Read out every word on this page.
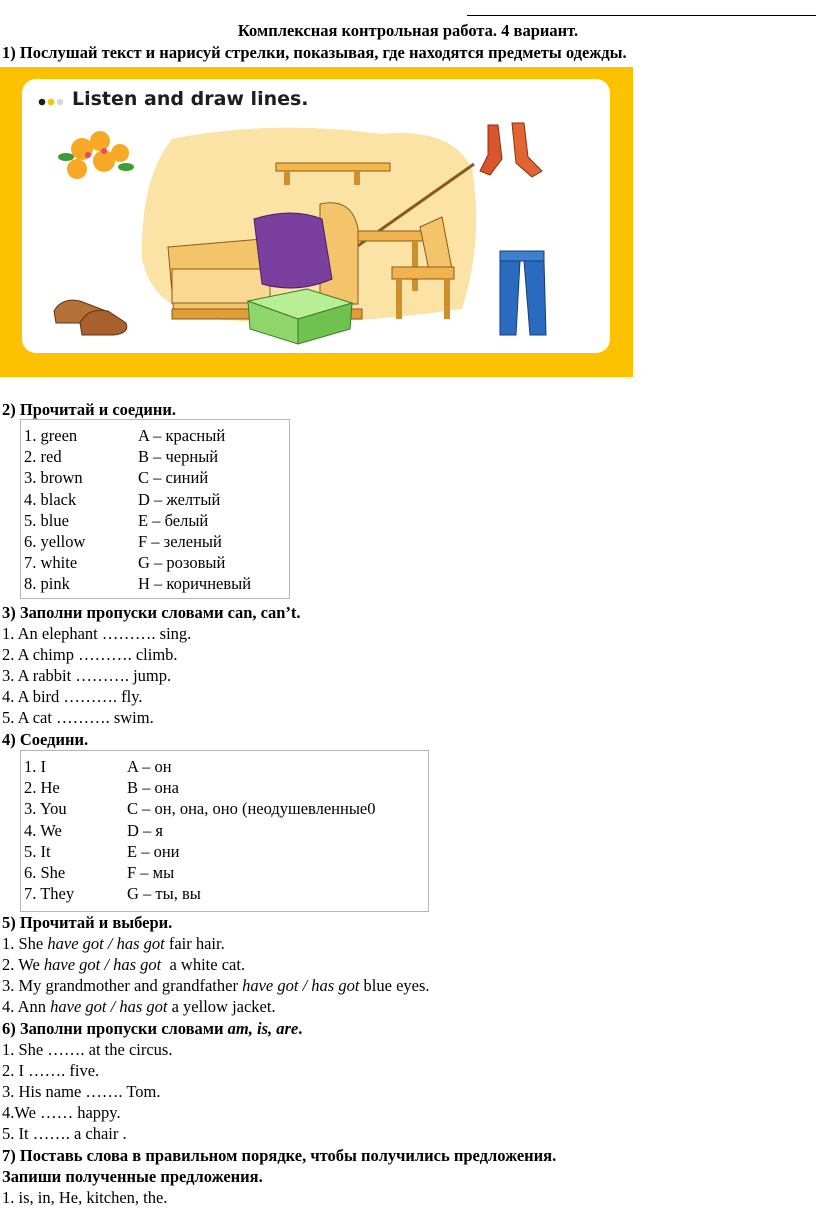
Комплексная контрольная работа. 4 вариант.
1) Послушай текст и нарисуй стрелки, показывая, где находятся предметы одежды.
Listen and draw lines.
2) Прочитай и соедини.
1. green	A – красный
2. red	B – черный
3. brown	C – синий
4. black	D – желтый
5. blue	E – белый
6. yellow	F – зеленый
7. white	G – розовый
8. pink	H – коричневый
3) Заполни пропуски словами can, can’t.
1. An elephant ………. sing.
2. A chimp ………. climb.
3. A rabbit ………. jump.
4. A bird ………. fly.
5. A cat ………. swim.
4) Соедини.
1. I	A – он
2. He	B – она
3. You	C – он, она, оно (неодушевленные0
4. We	D – я
5. It	E – они
6. She	F – мы
7. They	G – ты, вы
5) Прочитай и выбери.
1. She have got / has got fair hair.
2. We have got / has got  a white cat.
3. My grandmother and grandfather have got / has got blue eyes.
4. Ann have got / has got a yellow jacket.
6) Заполни пропуски словами am, is, are.
1. She ……. at the circus.
2. I ……. five.
3. His name ……. Tom.
4.We …… happy.
5. It ……. a chair .
7) Поставь слова в правильном порядке, чтобы получились предложения.
Запиши полученные предложения.
1. is, in, He, kitchen, the.
